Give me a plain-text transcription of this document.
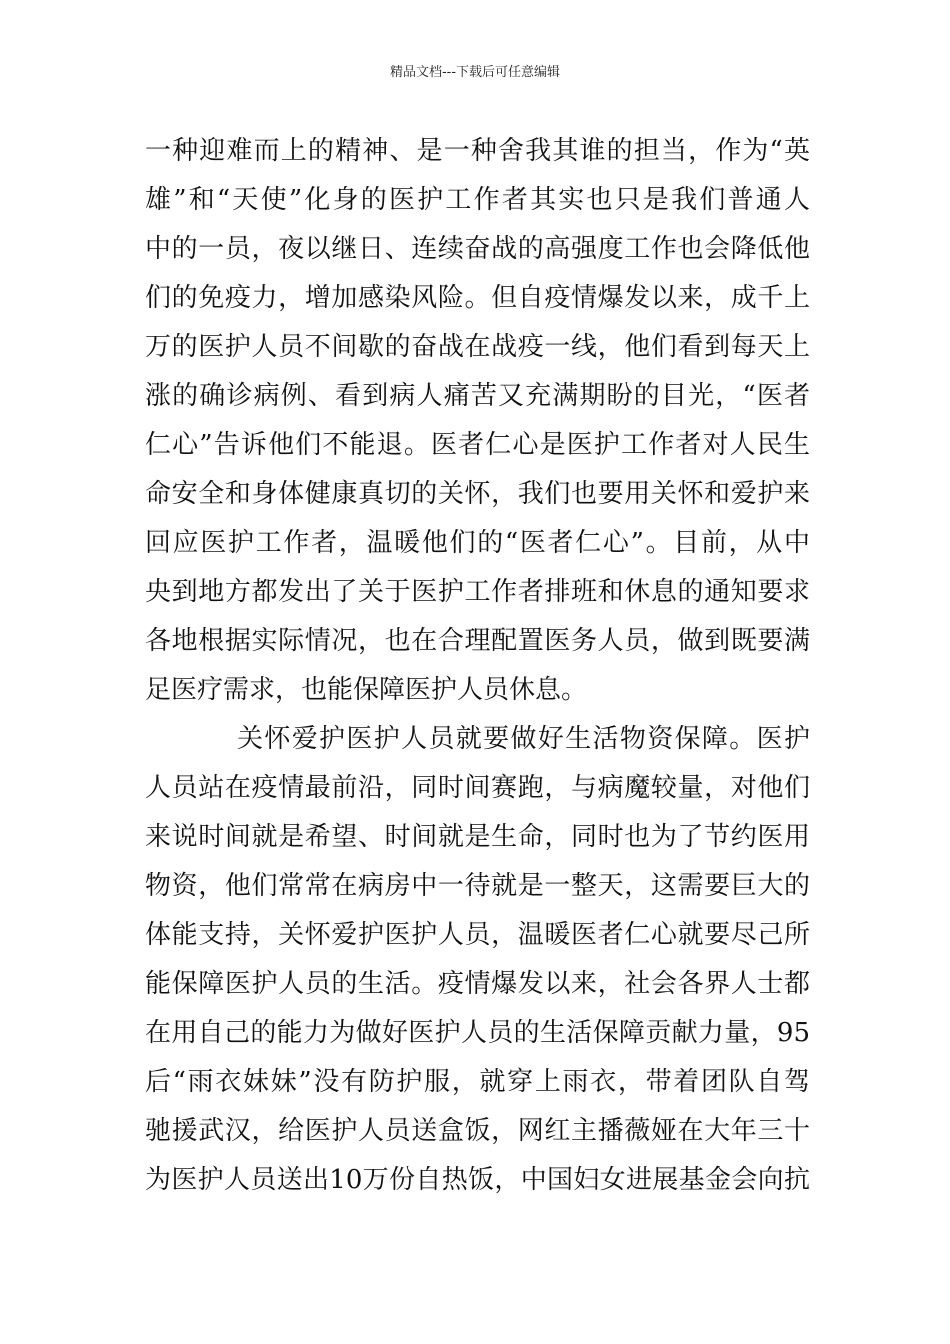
精品文档---下载后可任意编辑
一种迎难而上的精神、是一种舍我其谁的担当，作为“英
雄”和“天使”化身的医护工作者其实也只是我们普通人
中的一员，夜以继日、连续奋战的高强度工作也会降低他
们的免疫力，增加感染风险。但自疫情爆发以来，成千上
万的医护人员不间歇的奋战在战疫一线，他们看到每天上
涨的确诊病例、看到病人痛苦又充满期盼的目光，“医者
仁心”告诉他们不能退。医者仁心是医护工作者对人民生
命安全和身体健康真切的关怀，我们也要用关怀和爱护来
回应医护工作者，温暖他们的“医者仁心”。目前，从中
央到地方都发出了关于医护工作者排班和休息的通知要求
各地根据实际情况，也在合理配置医务人员，做到既要满
足医疗需求，也能保障医护人员休息。
关怀爱护医护人员就要做好生活物资保障。医护
人员站在疫情最前沿，同时间赛跑，与病魔较量，对他们
来说时间就是希望、时间就是生命，同时也为了节约医用
物资，他们常常在病房中一待就是一整天，这需要巨大的
体能支持，关怀爱护医护人员，温暖医者仁心就要尽己所
能保障医护人员的生活。疫情爆发以来，社会各界人士都
在用自己的能力为做好医护人员的生活保障贡献力量，95
后“雨衣妹妹”没有防护服，就穿上雨衣，带着团队自驾
驰援武汉，给医护人员送盒饭，网红主播薇娅在大年三十
为医护人员送出10万份自热饭，中国妇女进展基金会向抗
